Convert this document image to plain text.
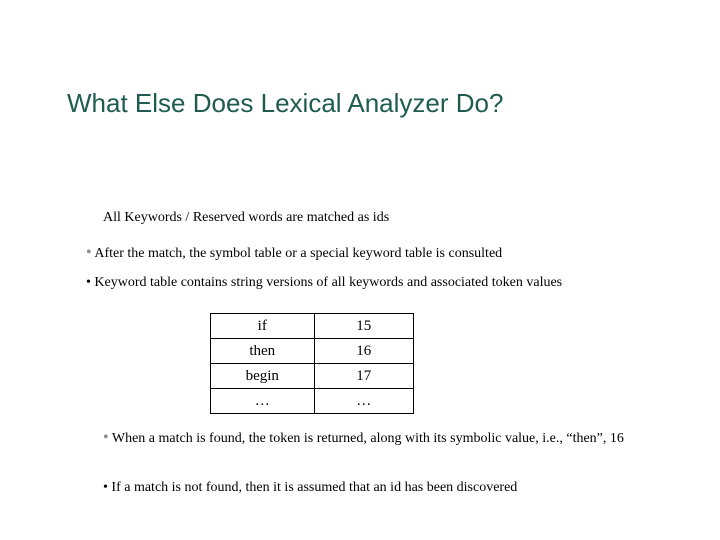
What Else Does Lexical Analyzer Do?
All Keywords / Reserved words are matched as ids
• After the match, the symbol table or a special keyword table is consulted
• Keyword table contains string versions of all keywords and associated token values
if	15
then	16
begin	17
…	…
• When a match is found, the token is returned, along with its symbolic value, i.e., “then”, 16
• If a match is not found, then it is assumed that an id has been discovered
